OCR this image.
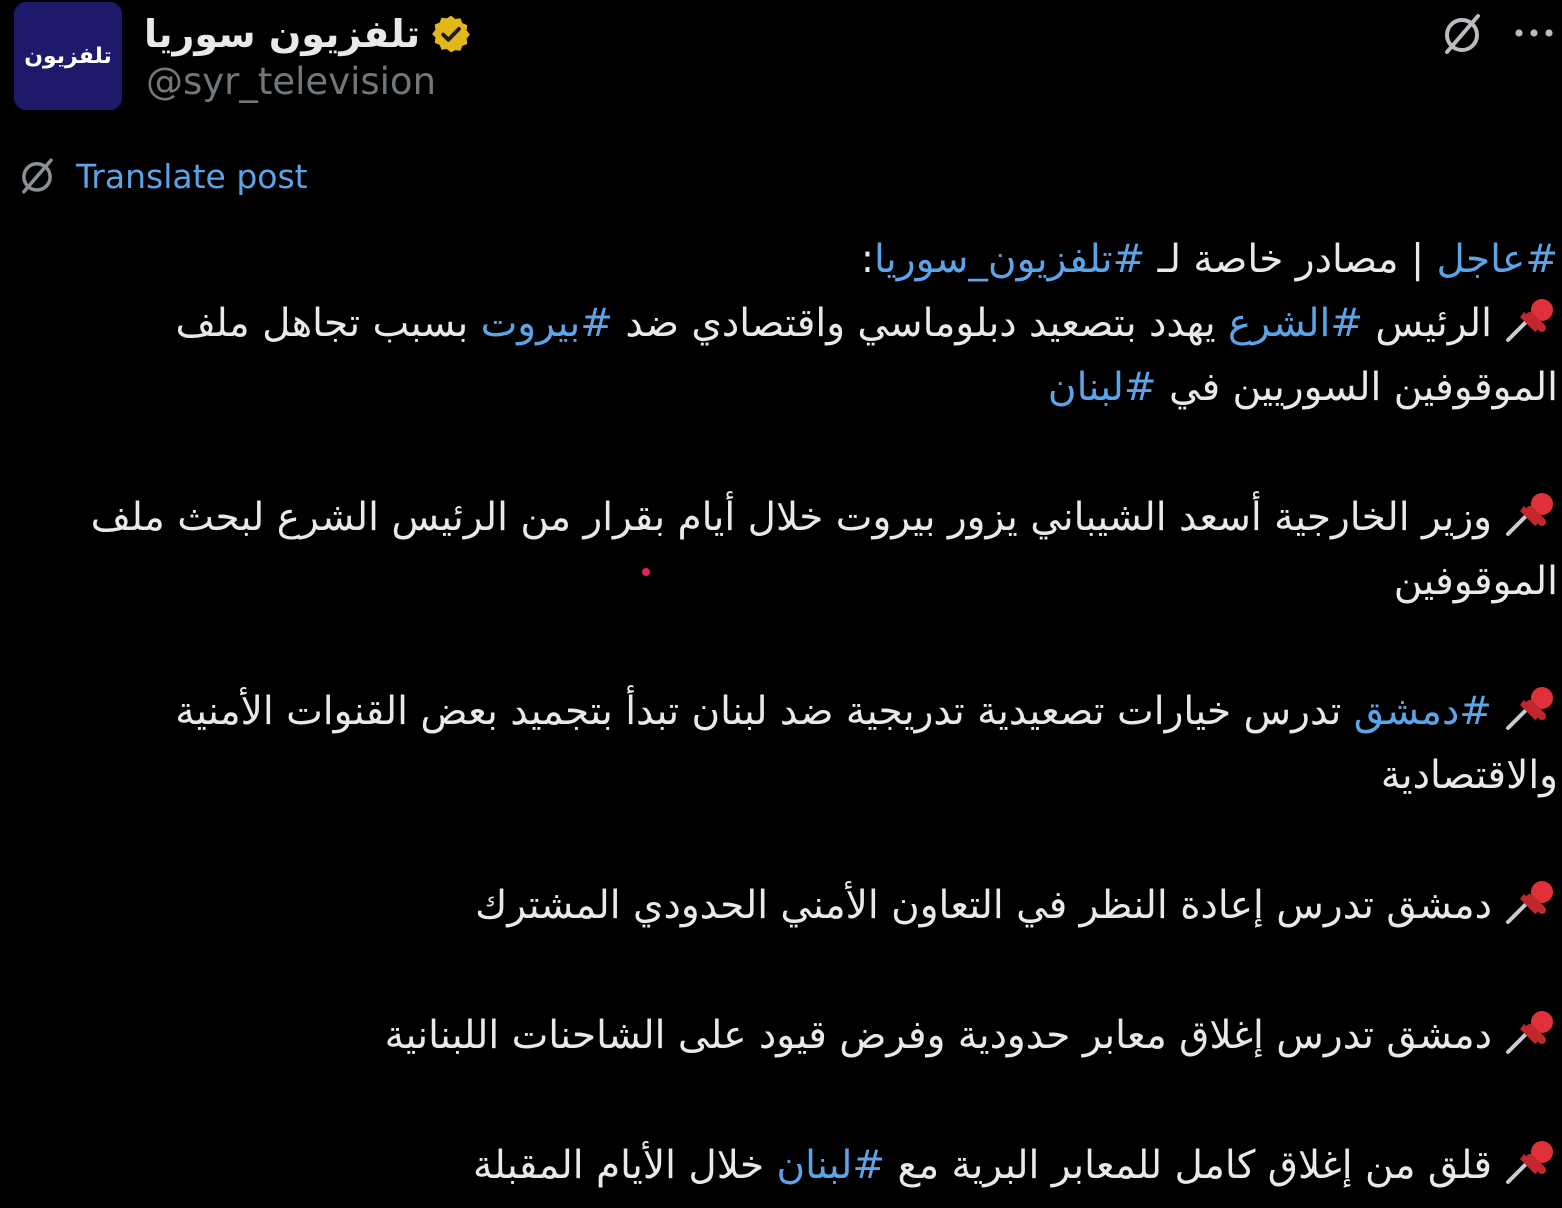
تلفزيون تلفزيون سوريا
@syr_television
Translate post

#عاجل | مصادر خاصة لـ #تلفزيون_سوريا:

الرئيس #الشرع يهدد بتصعيد دبلوماسي واقتصادي ضد #بيروت بسبب تجاهل ملف الموقوفين السوريين في #لبنان

وزير الخارجية أسعد الشيباني يزور بيروت خلال أيام بقرار من الرئيس الشرع لبحث ملف الموقوفين

#دمشق تدرس خيارات تصعيدية تدريجية ضد لبنان تبدأ بتجميد بعض القنوات الأمنية والاقتصادية

دمشق تدرس إعادة النظر في التعاون الأمني الحدودي المشترك

دمشق تدرس إغلاق معابر حدودية وفرض قيود على الشاحنات اللبنانية

قلق من إغلاق كامل للمعابر البرية مع #لبنان خلال الأيام المقبلة
